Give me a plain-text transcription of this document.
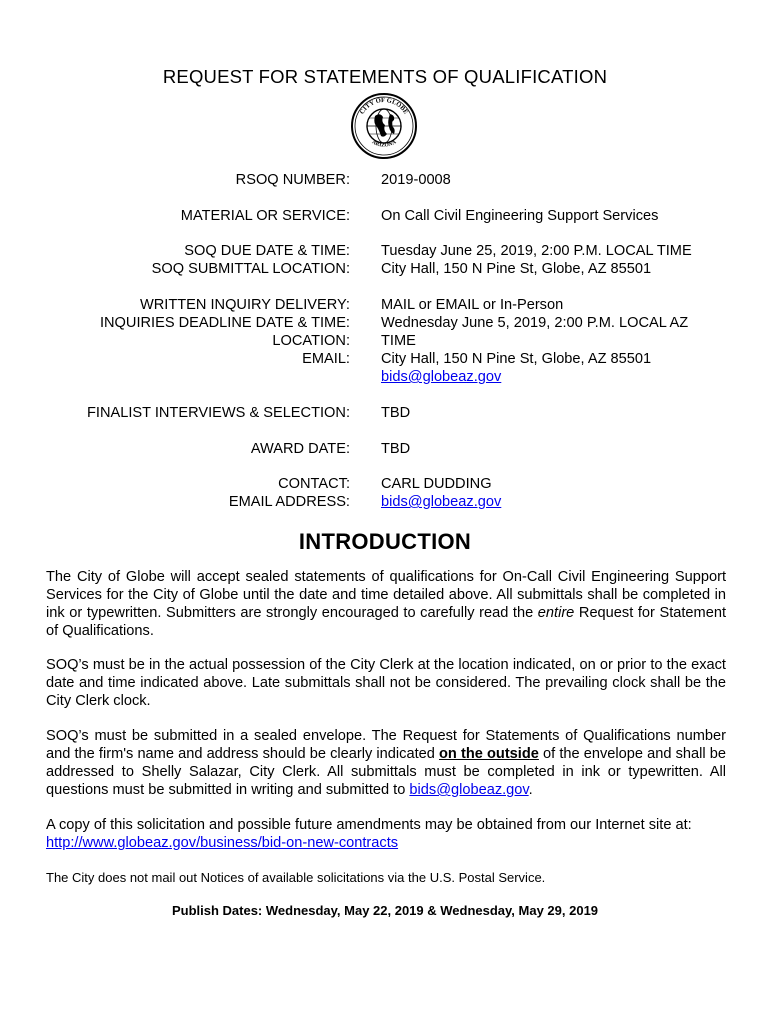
REQUEST FOR STATEMENTS OF QUALIFICATION
CITY OF GLOBE
ARIZONA
RSOQ NUMBER: 2019-0008
MATERIAL OR SERVICE: On Call Civil Engineering Support Services
SOQ DUE DATE & TIME: Tuesday June 25, 2019, 2:00 P.M. LOCAL TIME
SOQ SUBMITTAL LOCATION: City Hall, 150 N Pine St, Globe, AZ 85501
WRITTEN INQUIRY DELIVERY: MAIL or EMAIL or In-Person
INQUIRIES DEADLINE DATE & TIME: Wednesday June 5, 2019, 2:00 P.M. LOCAL AZ
LOCATION: TIME
EMAIL: City Hall, 150 N Pine St, Globe, AZ 85501
bids@globeaz.gov
FINALIST INTERVIEWS & SELECTION: TBD
AWARD DATE: TBD
CONTACT: CARL DUDDING
EMAIL ADDRESS: bids@globeaz.gov
INTRODUCTION
The City of Globe will accept sealed statements of qualifications for On-Call Civil Engineering Support Services for the City of Globe until the date and time detailed above. All submittals shall be completed in ink or typewritten. Submitters are strongly encouraged to carefully read the entire Request for Statement of Qualifications.
SOQ’s must be in the actual possession of the City Clerk at the location indicated, on or prior to the exact date and time indicated above. Late submittals shall not be considered. The prevailing clock shall be the City Clerk clock.
SOQ’s must be submitted in a sealed envelope. The Request for Statements of Qualifications number and the firm's name and address should be clearly indicated on the outside of the envelope and shall be addressed to Shelly Salazar, City Clerk. All submittals must be completed in ink or typewritten. All questions must be submitted in writing and submitted to bids@globeaz.gov.
A copy of this solicitation and possible future amendments may be obtained from our Internet site at:
http://www.globeaz.gov/business/bid-on-new-contracts
The City does not mail out Notices of available solicitations via the U.S. Postal Service.
Publish Dates: Wednesday, May 22, 2019 & Wednesday, May 29, 2019
